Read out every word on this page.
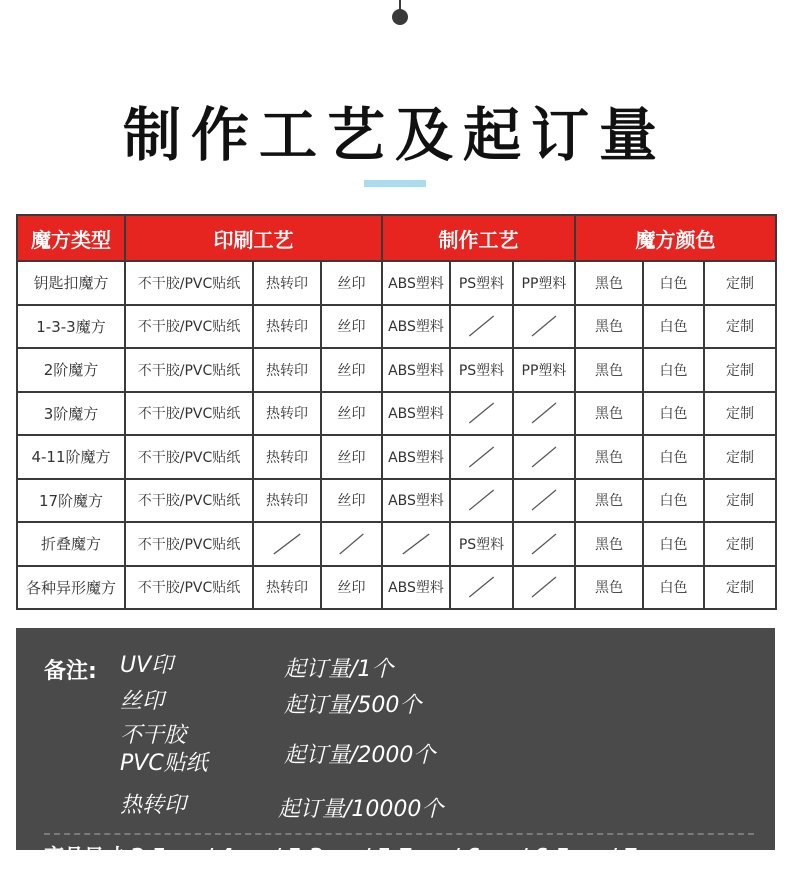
制作工艺及起订量
魔方类型	印刷工艺			制作工艺			魔方颜色		
钥匙扣魔方	不干胶/PVC贴纸	热转印	丝印	ABS塑料	PS塑料	PP塑料	黑色	白色	定制
1-3-3魔方	不干胶/PVC贴纸	热转印	丝印	ABS塑料			黑色	白色	定制
2阶魔方	不干胶/PVC贴纸	热转印	丝印	ABS塑料	PS塑料	PP塑料	黑色	白色	定制
3阶魔方	不干胶/PVC贴纸	热转印	丝印	ABS塑料			黑色	白色	定制
4-11阶魔方	不干胶/PVC贴纸	热转印	丝印	ABS塑料			黑色	白色	定制
17阶魔方	不干胶/PVC贴纸	热转印	丝印	ABS塑料			黑色	白色	定制
折叠魔方	不干胶/PVC贴纸				PS塑料		黑色	白色	定制
各种异形魔方	不干胶/PVC贴纸	热转印	丝印	ABS塑料			黑色	白色	定制
备注: UV印	起订量/1个
丝印	起订量/500个
不干胶
PVC贴纸	起订量/2000个
热转印	起订量/10000个
产品尺寸 2.5cm / 4cm / 5.3cm / 5.7cm / 6cm / 6.5cm / 7cm
